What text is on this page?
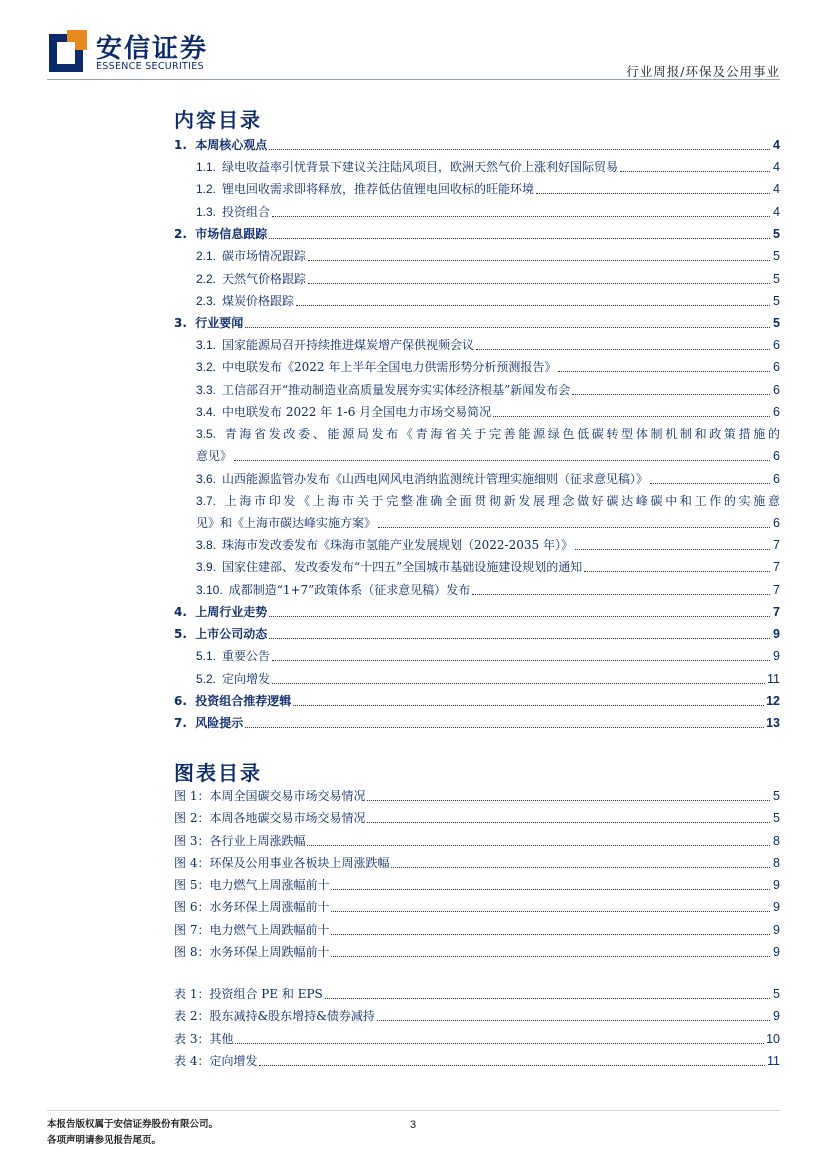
安信证券
ESSENCE SECURITIES	行业周报/环保及公用事业
内容目录
1. 本周核心观点	4
1.1. 绿电收益率引忧背景下建议关注陆风项目，欧洲天然气价上涨利好国际贸易	4
1.2. 锂电回收需求即将释放，推荐低估值锂电回收标的旺能环境	4
1.3. 投资组合	4
2. 市场信息跟踪	5
2.1. 碳市场情况跟踪	5
2.2. 天然气价格跟踪	5
2.3. 煤炭价格跟踪	5
3. 行业要闻	5
3.1. 国家能源局召开持续推进煤炭增产保供视频会议	6
3.2. 中电联发布《2022 年上半年全国电力供需形势分析预测报告》	6
3.3. 工信部召开“推动制造业高质量发展夯实实体经济根基”新闻发布会	6
3.4. 中电联发布 2022 年 1-6 月全国电力市场交易简况	6
3.5. 青海省发改委、能源局发布《青海省关于完善能源绿色低碳转型体制机制和政策措施的
意见》	6
3.6. 山西能源监管办发布《山西电网风电消纳监测统计管理实施细则（征求意见稿）》	6
3.7. 上海市印发《上海市关于完整准确全面贯彻新发展理念做好碳达峰碳中和工作的实施意
见》和《上海市碳达峰实施方案》	6
3.8. 珠海市发改委发布《珠海市氢能产业发展规划（2022-2035 年）》	7
3.9. 国家住建部、发改委发布“十四五”全国城市基础设施建设规划的通知	7
3.10. 成都制造“1+7”政策体系（征求意见稿）发布	7
4. 上周行业走势	7
5. 上市公司动态	9
5.1. 重要公告	9
5.2. 定向增发	11
6. 投资组合推荐逻辑	12
7. 风险提示	13
图表目录
图 1：本周全国碳交易市场交易情况	5
图 2：本周各地碳交易市场交易情况	5
图 3：各行业上周涨跌幅	8
图 4：环保及公用事业各板块上周涨跌幅	8
图 5：电力燃气上周涨幅前十	9
图 6：水务环保上周涨幅前十	9
图 7：电力燃气上周跌幅前十	9
图 8：水务环保上周跌幅前十	9
表 1：投资组合 PE 和 EPS	5
表 2：股东减持&股东增持&债券减持	9
表 3：其他	10
表 4：定向增发	11
本报告版权属于安信证券股份有限公司。
各项声明请参见报告尾页。
3
